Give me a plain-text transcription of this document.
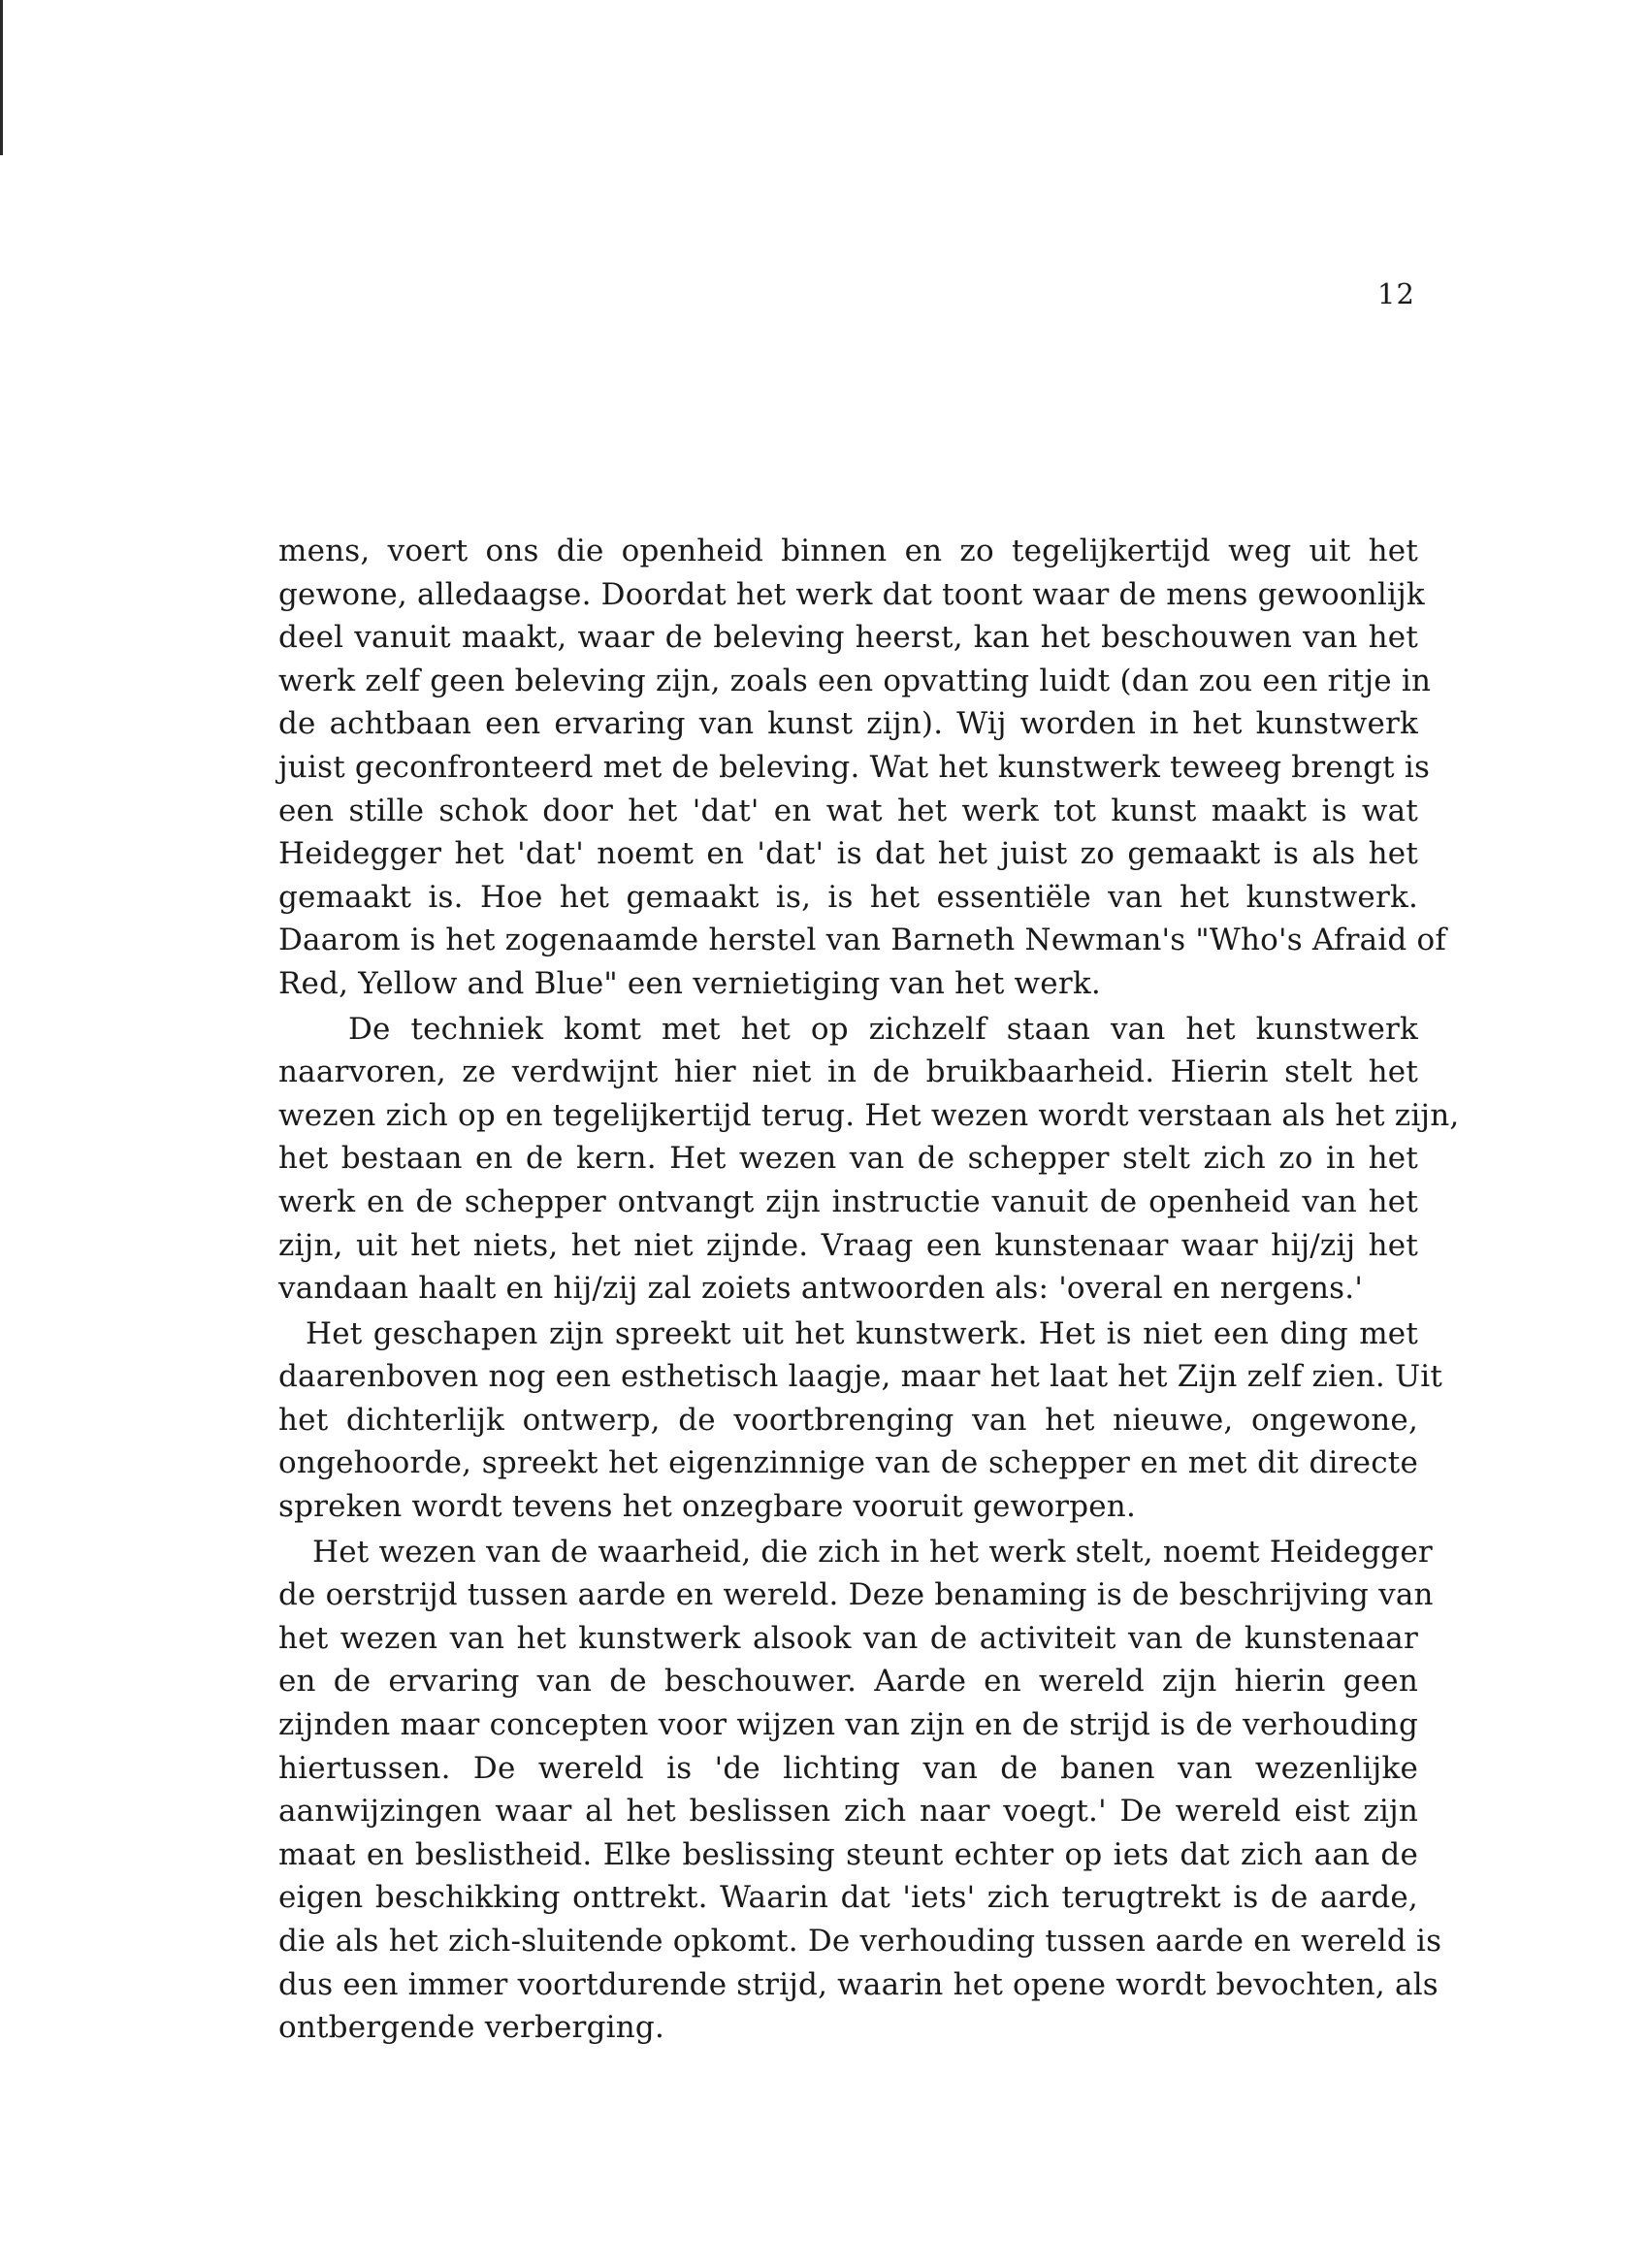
12
mens, voert ons die openheid binnen en zo tegelijkertijd weg uit het
gewone, alledaagse. Doordat het werk dat toont waar de mens gewoonlijk
deel vanuit maakt, waar de beleving heerst, kan het beschouwen van het
werk zelf geen beleving zijn, zoals een opvatting luidt (dan zou een ritje in
de achtbaan een ervaring van kunst zijn). Wij worden in het kunstwerk
juist geconfronteerd met de beleving. Wat het kunstwerk teweeg brengt is
een stille schok door het 'dat' en wat het werk tot kunst maakt is wat
Heidegger het 'dat' noemt en 'dat' is dat het juist zo gemaakt is als het
gemaakt is. Hoe het gemaakt is, is het essentiële van het kunstwerk.
Daarom is het zogenaamde herstel van Barneth Newman's "Who's Afraid of
Red, Yellow and Blue" een vernietiging van het werk.
De techniek komt met het op zichzelf staan van het kunstwerk
naarvoren, ze verdwijnt hier niet in de bruikbaarheid. Hierin stelt het
wezen zich op en tegelijkertijd terug. Het wezen wordt verstaan als het zijn,
het bestaan en de kern. Het wezen van de schepper stelt zich zo in het
werk en de schepper ontvangt zijn instructie vanuit de openheid van het
zijn, uit het niets, het niet zijnde. Vraag een kunstenaar waar hij/zij het
vandaan haalt en hij/zij zal zoiets antwoorden als: 'overal en nergens.'
Het geschapen zijn spreekt uit het kunstwerk. Het is niet een ding met
daarenboven nog een esthetisch laagje, maar het laat het Zijn zelf zien. Uit
het dichterlijk ontwerp, de voortbrenging van het nieuwe, ongewone,
ongehoorde, spreekt het eigenzinnige van de schepper en met dit directe
spreken wordt tevens het onzegbare vooruit geworpen.
Het wezen van de waarheid, die zich in het werk stelt, noemt Heidegger
de oerstrijd tussen aarde en wereld. Deze benaming is de beschrijving van
het wezen van het kunstwerk alsook van de activiteit van de kunstenaar
en de ervaring van de beschouwer. Aarde en wereld zijn hierin geen
zijnden maar concepten voor wijzen van zijn en de strijd is de verhouding
hiertussen. De wereld is 'de lichting van de banen van wezenlijke
aanwijzingen waar al het beslissen zich naar voegt.' De wereld eist zijn
maat en beslistheid. Elke beslissing steunt echter op iets dat zich aan de
eigen beschikking onttrekt. Waarin dat 'iets' zich terugtrekt is de aarde,
die als het zich-sluitende opkomt. De verhouding tussen aarde en wereld is
dus een immer voortdurende strijd, waarin het opene wordt bevochten, als
ontbergende verberging.
